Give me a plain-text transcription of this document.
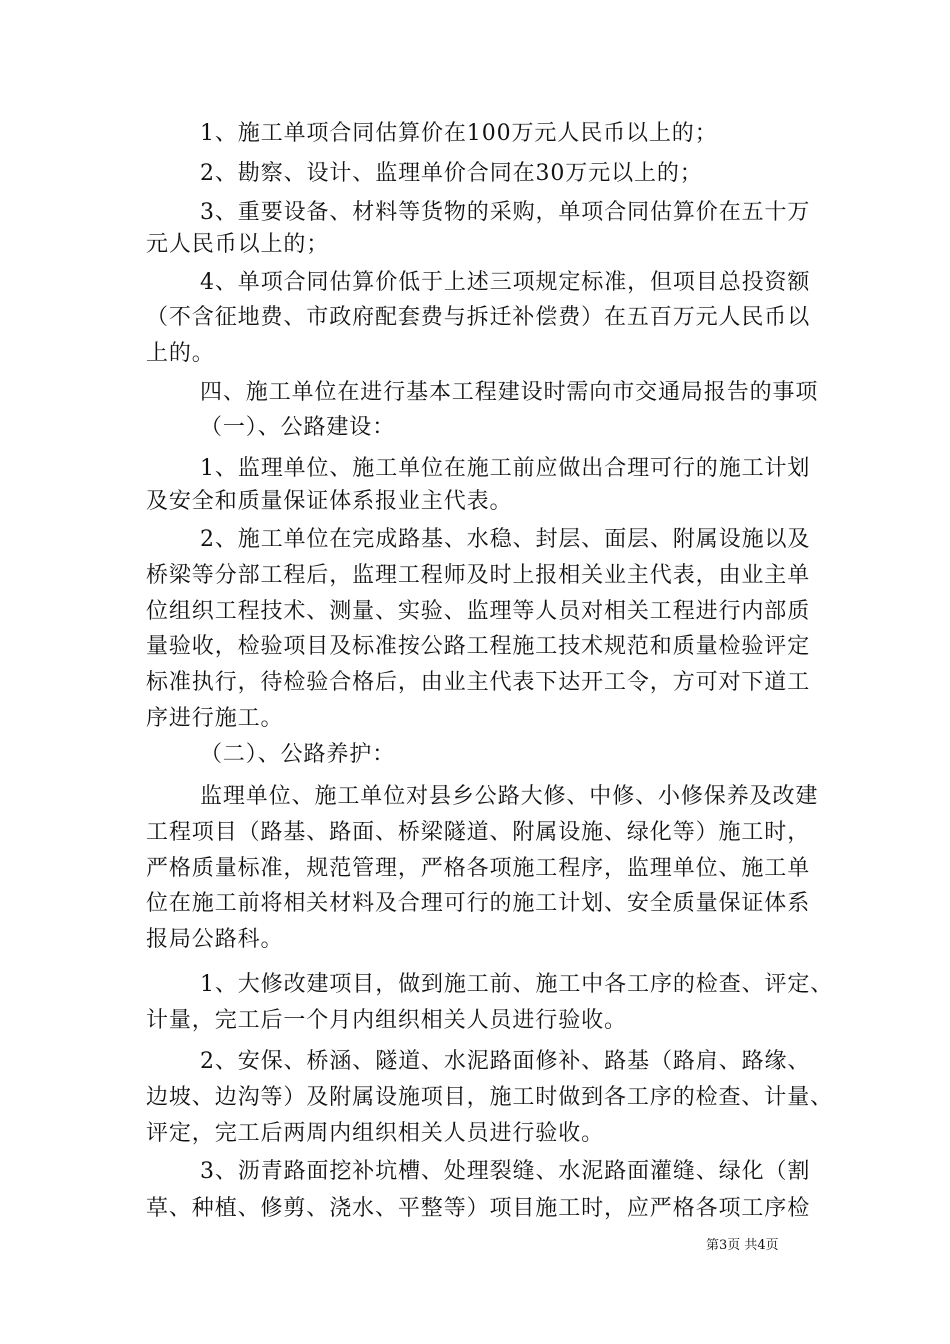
1、施工单项合同估算价在100万元人民币以上的；
2、勘察、设计、监理单价合同在30万元以上的；
3、重要设备、材料等货物的采购，单项合同估算价在五十万
元人民币以上的；
4、单项合同估算价低于上述三项规定标准，但项目总投资额
（不含征地费、市政府配套费与拆迁补偿费）在五百万元人民币以
上的。
四、施工单位在进行基本工程建设时需向市交通局报告的事项
（一）、公路建设：
1、监理单位、施工单位在施工前应做出合理可行的施工计划
及安全和质量保证体系报业主代表。
2、施工单位在完成路基、水稳、封层、面层、附属设施以及
桥梁等分部工程后，监理工程师及时上报相关业主代表，由业主单
位组织工程技术、测量、实验、监理等人员对相关工程进行内部质
量验收，检验项目及标准按公路工程施工技术规范和质量检验评定
标准执行，待检验合格后，由业主代表下达开工令，方可对下道工
序进行施工。
（二）、公路养护：
监理单位、施工单位对县乡公路大修、中修、小修保养及改建
工程项目（路基、路面、桥梁隧道、附属设施、绿化等）施工时，
严格质量标准，规范管理，严格各项施工程序，监理单位、施工单
位在施工前将相关材料及合理可行的施工计划、安全质量保证体系
报局公路科。
1、大修改建项目，做到施工前、施工中各工序的检查、评定、
计量，完工后一个月内组织相关人员进行验收。
2、安保、桥涵、隧道、水泥路面修补、路基（路肩、路缘、
边坡、边沟等）及附属设施项目，施工时做到各工序的检查、计量、
评定，完工后两周内组织相关人员进行验收。
3、沥青路面挖补坑槽、处理裂缝、水泥路面灌缝、绿化（割
草、种植、修剪、浇水、平整等）项目施工时，应严格各项工序检
第3页 共4页
